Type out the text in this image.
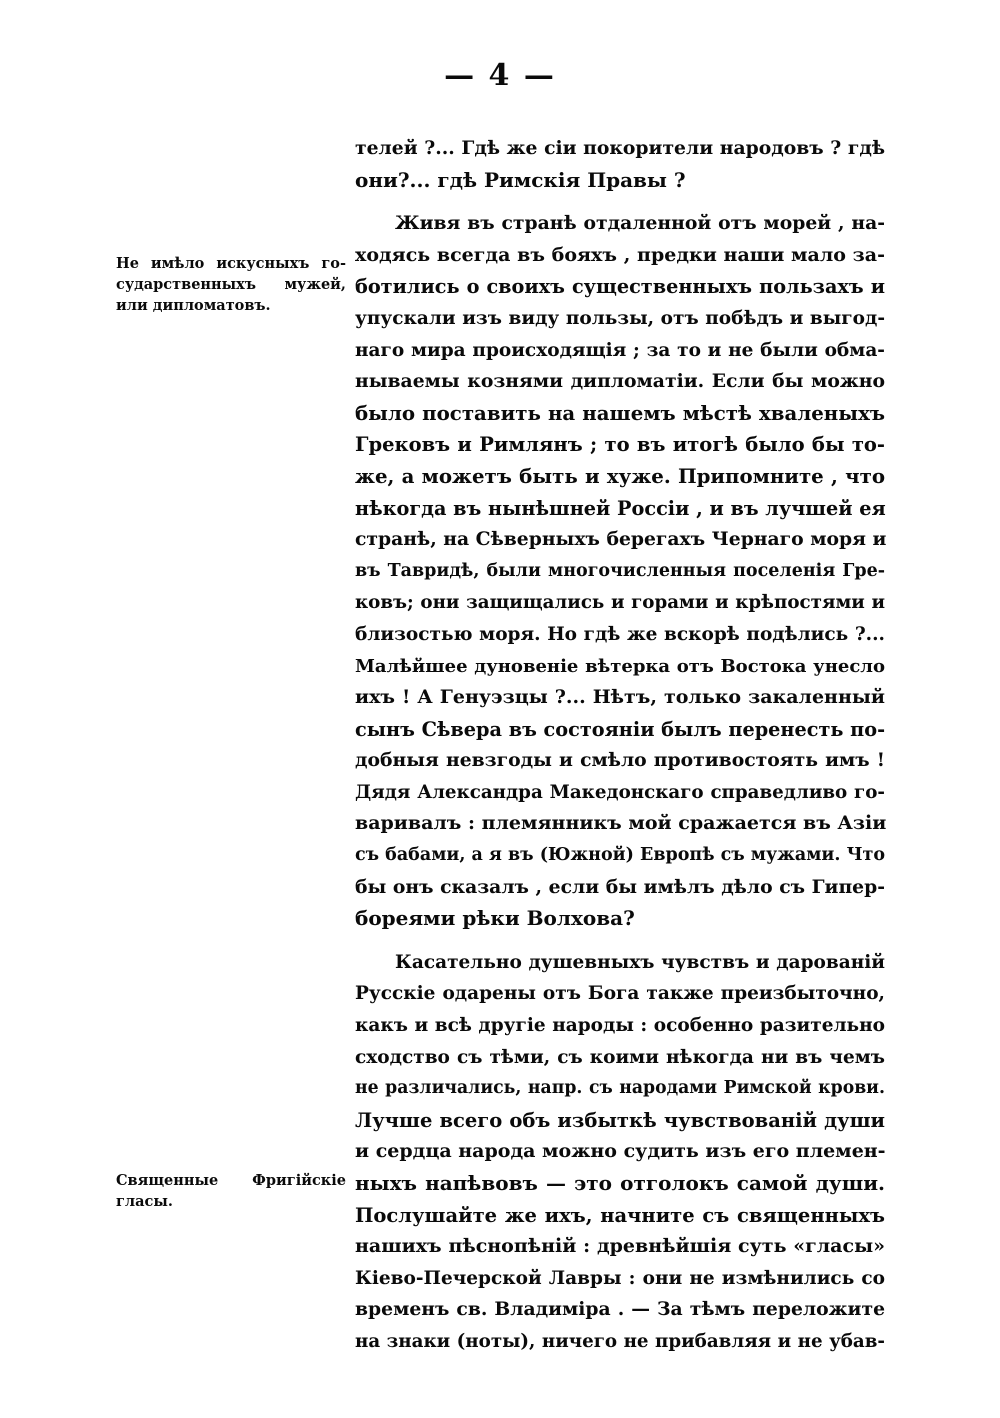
— 4 —
Не имѣло искусныхъ го-
сударственныхъ мужей,
или дипломатовъ.
Священные Фригійскіе
гласы.
телей ?... Гдѣ же сіи покорители народовъ ? гдѣ
они?... гдѣ Римскія Правы ?
Живя въ странѣ отдаленной отъ морей , на-
ходясь всегда въ бояхъ , предки наши мало за-
ботились о своихъ существенныхъ пользахъ и
упускали изъ виду пользы, отъ побѣдъ и выгод-
наго мира происходящія ; за то и не были обма-
нываемы кознями дипломатіи. Если бы можно
было поставить на нашемъ мѣстѣ хваленыхъ
Грековъ и Римлянъ ; то въ итогѣ было бы то-
же, а можетъ быть и хуже. Припомните , что
нѣкогда въ нынѣшней Россіи , и въ лучшей ея
странѣ, на Сѣверныхъ берегахъ Чернаго моря и
въ Тавридѣ, были многочисленныя поселенія Гре-
ковъ; они защищались и горами и крѣпостями и
близостью моря. Но гдѣ же вскорѣ подѣлись ?...
Малѣйшее дуновеніе вѣтерка отъ Востока унесло
ихъ ! А Генуэзцы ?... Нѣтъ, только закаленный
сынъ Сѣвера въ состояніи былъ перенесть по-
добныя невзгоды и смѣло противостоять имъ !
Дядя Александра Македонскаго справедливо го-
варивалъ : племянникъ мой сражается въ Азіи
съ бабами, а я въ (Южной) Европѣ съ мужами. Что
бы онъ сказалъ , если бы имѣлъ дѣло съ Гипер-
бореями рѣки Волхова?
Касательно душевныхъ чувствъ и дарованій
Русскіе одарены отъ Бога также преизбыточно,
какъ и всѣ другіе народы : особенно разительно
сходство съ тѣми, съ коими нѣкогда ни въ чемъ
не различались, напр. съ народами Римской крови.
Лучше всего объ избыткѣ чувствованій души
и сердца народа можно судить изъ его племен-
ныхъ напѣвовъ — это отголокъ самой души.
Послушайте же ихъ, начните съ священныхъ
нашихъ пѣснопѣній : древнѣйшія суть «гласы»
Кіево-Печерской Лавры : они не измѣнились со
временъ св. Владиміра . — За тѣмъ переложите
на знаки (ноты), ничего не прибавляя и не убав-
